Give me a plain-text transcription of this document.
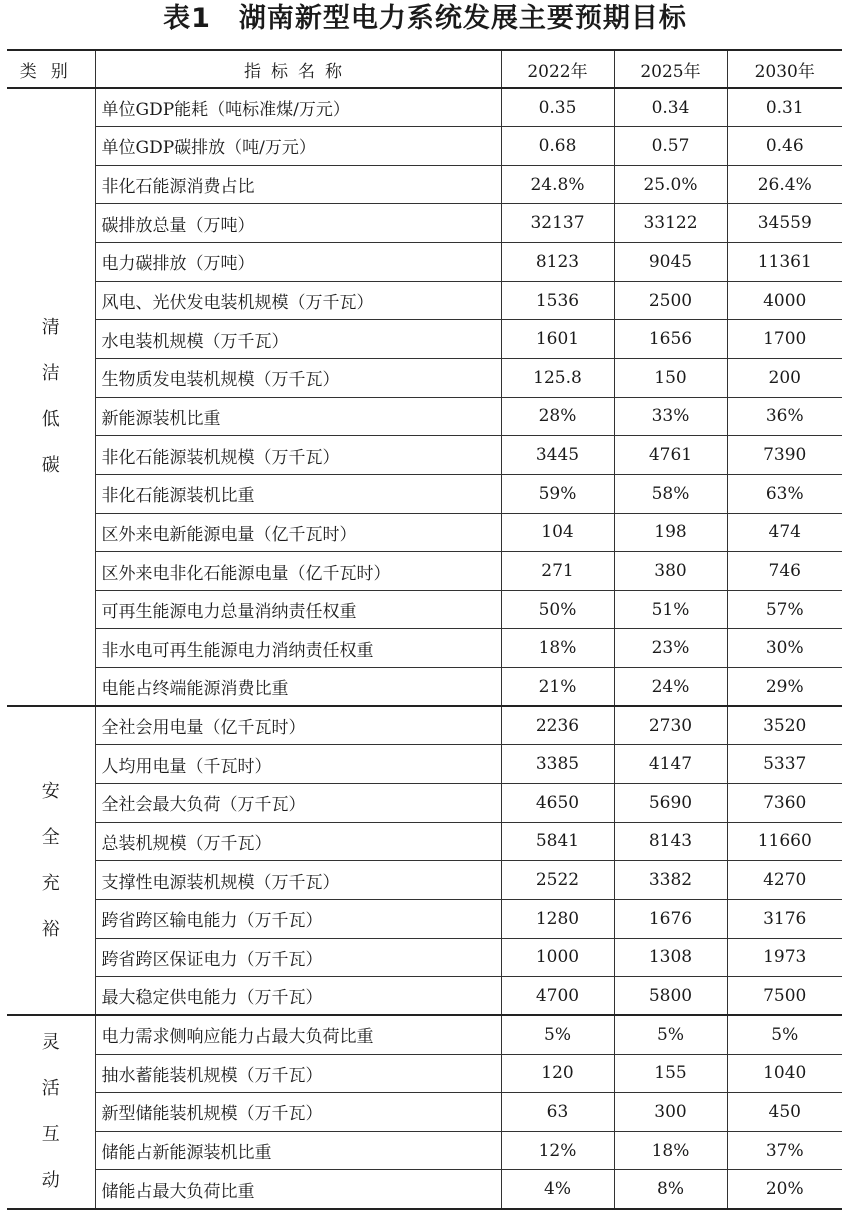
表1　湖南新型电力系统发展主要预期目标
类别	指标名称	2022年	2025年	2030年
清洁低碳	单位GDP能耗（吨标准煤/万元）	0.35	0.34	0.31
	单位GDP碳排放（吨/万元）	0.68	0.57	0.46
	非化石能源消费占比	24.8%	25.0%	26.4%
	碳排放总量（万吨）	32137	33122	34559
	电力碳排放（万吨）	8123	9045	11361
	风电、光伏发电装机规模（万千瓦）	1536	2500	4000
	水电装机规模（万千瓦）	1601	1656	1700
	生物质发电装机规模（万千瓦）	125.8	150	200
	新能源装机比重	28%	33%	36%
	非化石能源装机规模（万千瓦）	3445	4761	7390
	非化石能源装机比重	59%	58%	63%
	区外来电新能源电量（亿千瓦时）	104	198	474
	区外来电非化石能源电量（亿千瓦时）	271	380	746
	可再生能源电力总量消纳责任权重	50%	51%	57%
	非水电可再生能源电力消纳责任权重	18%	23%	30%
	电能占终端能源消费比重	21%	24%	29%
安全充裕	全社会用电量（亿千瓦时）	2236	2730	3520
	人均用电量（千瓦时）	3385	4147	5337
	全社会最大负荷（万千瓦）	4650	5690	7360
	总装机规模（万千瓦）	5841	8143	11660
	支撑性电源装机规模（万千瓦）	2522	3382	4270
	跨省跨区输电能力（万千瓦）	1280	1676	3176
	跨省跨区保证电力（万千瓦）	1000	1308	1973
	最大稳定供电能力（万千瓦）	4700	5800	7500
灵活互动	电力需求侧响应能力占最大负荷比重	5%	5%	5%
	抽水蓄能装机规模（万千瓦）	120	155	1040
	新型储能装机规模（万千瓦）	63	300	450
	储能占新能源装机比重	12%	18%	37%
	储能占最大负荷比重	4%	8%	20%
